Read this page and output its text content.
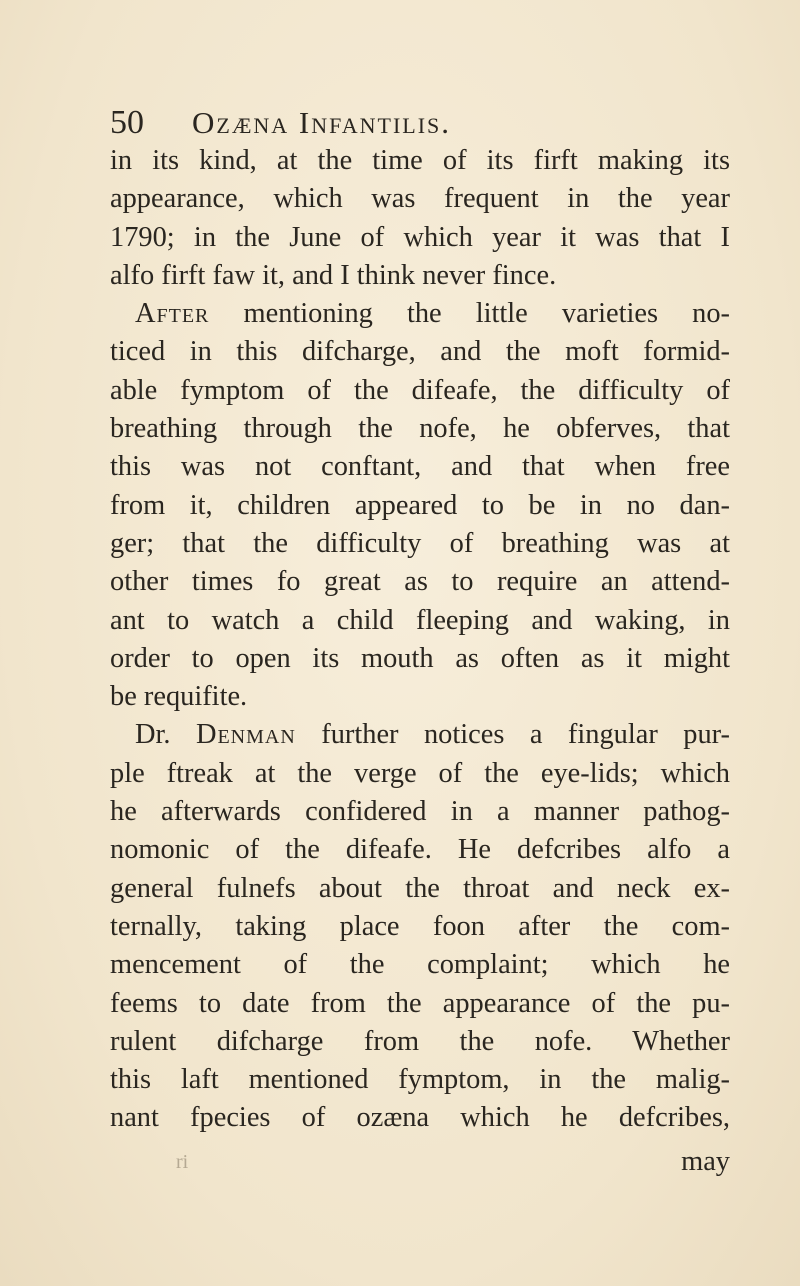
50 Ozæna Infantilis.
in its kind, at the time of its firft making its
appearance, which was frequent in the year
1790; in the June of which year it was that I
alfo firft faw it, and I think never fince.
After mentioning the little varieties no-
ticed in this difcharge, and the moft formid-
able fymptom of the difeafe, the difficulty of
breathing through the nofe, he obferves, that
this was not conftant, and that when free
from it, children appeared to be in no dan-
ger; that the difficulty of breathing was at
other times fo great as to require an attend-
ant to watch a child fleeping and waking, in
order to open its mouth as often as it might
be requifite.
Dr. Denman further notices a fingular pur-
ple ftreak at the verge of the eye-lids; which
he afterwards confidered in a manner pathog-
nomonic of the difeafe. He defcribes alfo a
general fulnefs about the throat and neck ex-
ternally, taking place foon after the com-
mencement of the complaint; which he
feems to date from the appearance of the pu-
rulent difcharge from the nofe. Whether
this laft mentioned fymptom, in the malig-
nant fpecies of ozæna which he defcribes,
ri	may
